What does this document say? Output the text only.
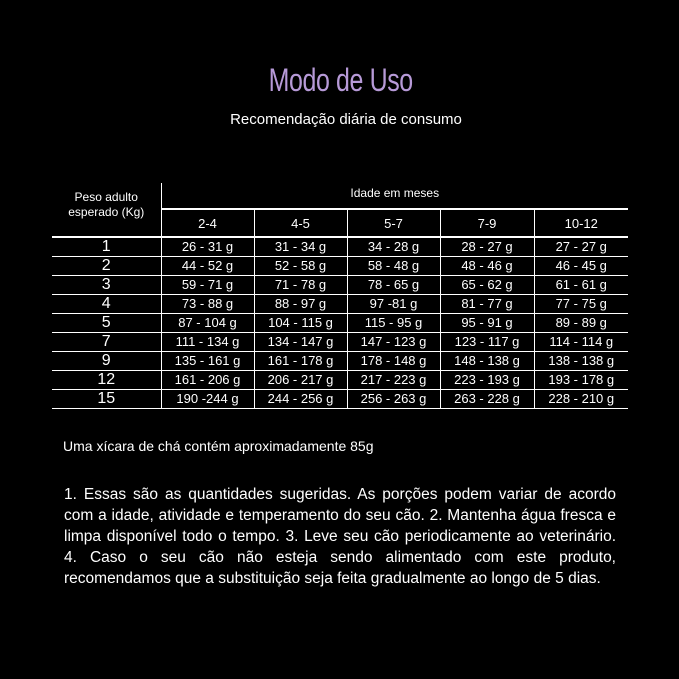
Modo de Uso
Recomendação diária de consumo
Peso adulto esperado (Kg)	Idade em meses				
	2-4	4-5	5-7	7-9	10-12
1	26 - 31 g	31 - 34 g	34 - 28 g	28 - 27 g	27 - 27 g
2	44 - 52 g	52 - 58 g	58 - 48 g	48 - 46 g	46 - 45 g
3	59 - 71 g	71 - 78 g	78 - 65 g	65 - 62 g	61 - 61 g
4	73 - 88 g	88 - 97 g	97 -81 g	81 - 77 g	77 - 75 g
5	87 - 104 g	104 - 115 g	115 - 95 g	95 - 91 g	89 - 89 g
7	111 - 134 g	134 - 147 g	147 - 123 g	123 - 117 g	114 - 114 g
9	135 - 161 g	161 - 178 g	178 - 148 g	148 - 138 g	138 - 138 g
12	161 - 206 g	206 - 217 g	217 - 223 g	223 - 193 g	193 - 178 g
15	190 -244 g	244 - 256 g	256 - 263 g	263 - 228 g	228 - 210 g
Uma xícara de chá contém aproximadamente 85g
1. Essas são as quantidades sugeridas. As porções podem variar de acordo com a idade, atividade e temperamento do seu cão. 2. Mantenha água fresca e limpa disponível todo o tempo. 3. Leve seu cão periodicamente ao veterinário. 4. Caso o seu cão não esteja sendo alimentado com este produto, recomendamos que a substituição seja feita gradualmente ao longo de 5 dias.
